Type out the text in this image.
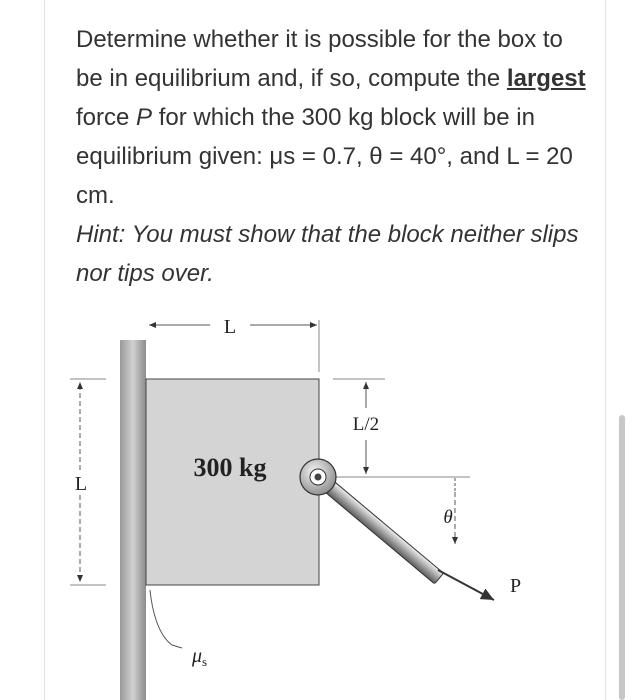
Determine whether it is possible for the box to be in equilibrium and, if so, compute the largest force P for which the 300 kg block will be in equilibrium given: μs = 0.7, θ = 40°, and L = 20 cm.

Hint: You must show that the block neither slips nor tips over.

300 kg
L
L
L/2
θ
P
$\mu_s$
